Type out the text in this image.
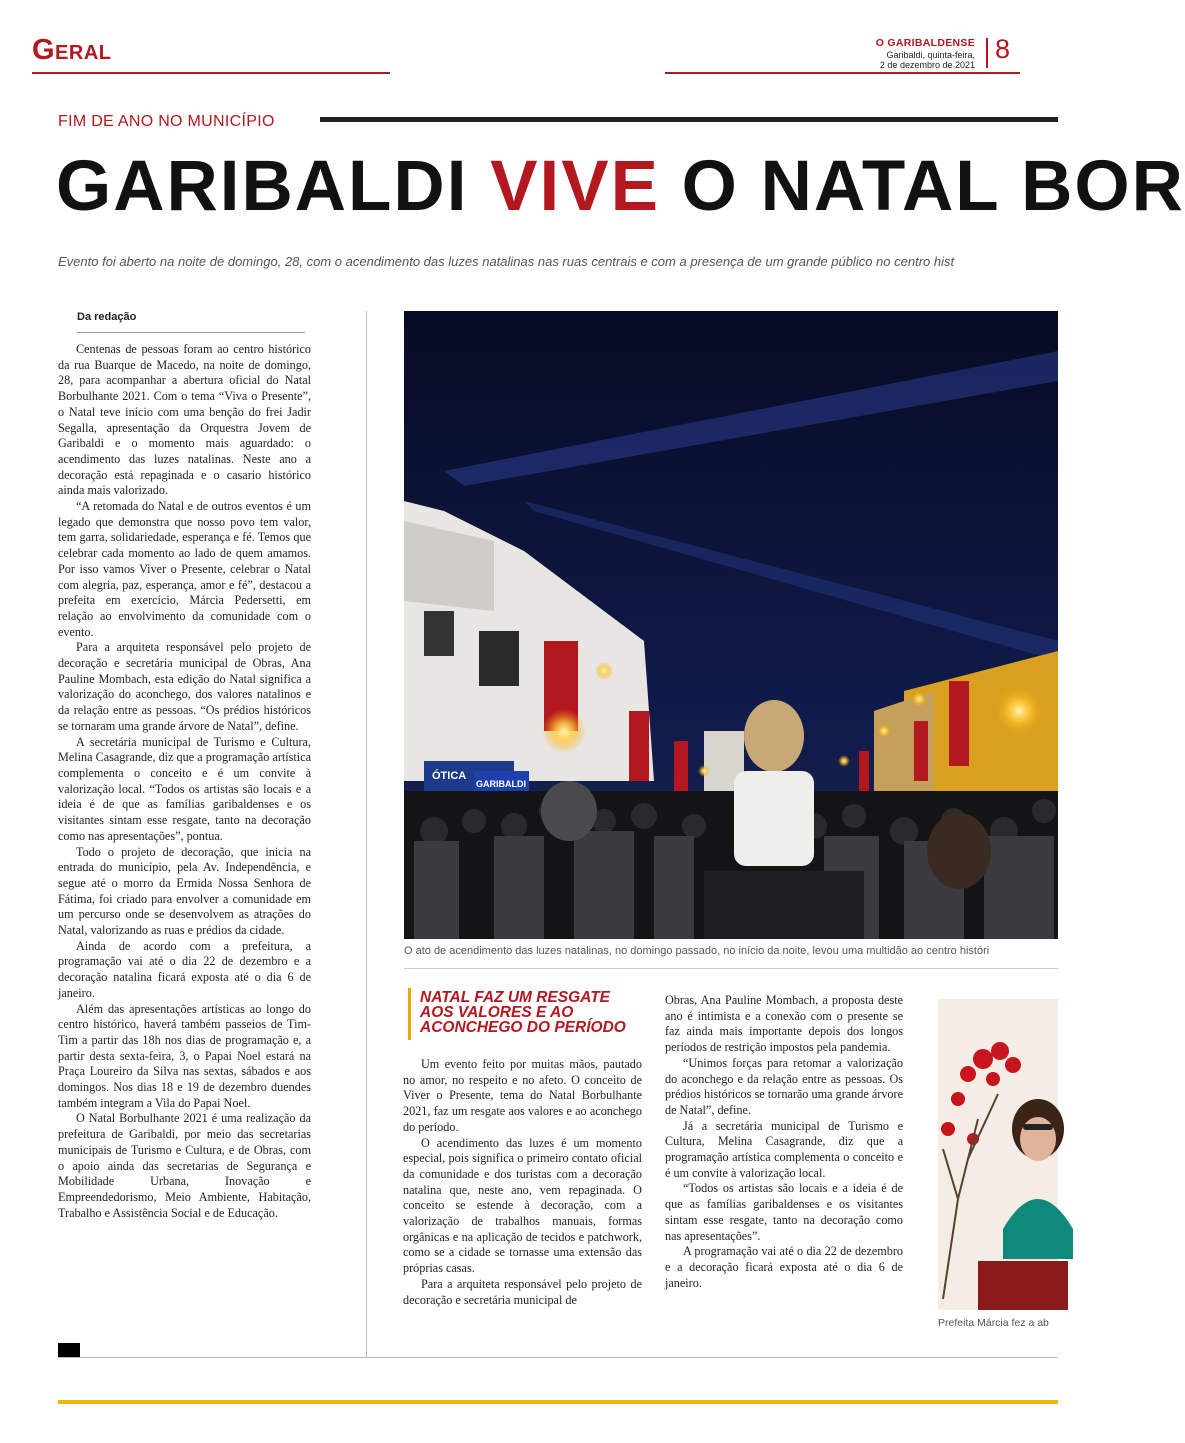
Geral	O GARIBALDENSE
Garibaldi, quinta-feira,
2 de dezembro de 2021
8
FIM DE ANO NO MUNICÍPIO
GARIBALDI VIVE O NATAL BOR
Evento foi aberto na noite de domingo, 28, com o acendimento das luzes natalinas nas ruas centrais e com a presença de um grande público no centro hist
Da redação

Centenas de pessoas foram ao centro histórico da rua Buarque de Macedo, na noite de domingo, 28, para acompanhar a abertura oficial do Natal Borbulhante 2021. Com o tema “Viva o Presente”, o Natal teve início com uma benção do frei Jadir Segalla, apresentação da Orquestra Jovem de Garibaldi e o momento mais aguardado: o acendimento das luzes natalinas. Neste ano a decoração está repaginada e o casario histórico ainda mais valorizado.

“A retomada do Natal e de outros eventos é um legado que demonstra que nosso povo tem valor, tem garra, solidariedade, esperança e fé. Temos que celebrar cada momento ao lado de quem amamos. Por isso vamos Viver o Presente, celebrar o Natal com alegria, paz, esperança, amor e fé”, destacou a prefeita em exercício, Márcia Pedersetti, em relação ao envolvimento da comunidade com o evento.

Para a arquiteta responsável pelo projeto de decoração e secretária municipal de Obras, Ana Pauline Mombach, esta edição do Natal significa a valorização do aconchego, dos valores natalinos e da relação entre as pessoas. “Os prédios históricos se tornaram uma grande árvore de Natal”, define.

A secretária municipal de Turismo e Cultura, Melina Casagrande, diz que a programação artística complementa o conceito e é um convite à valorização local. “Todos os artistas são locais e a ideia é de que as famílias garibaldenses e os visitantes sintam esse resgate, tanto na decoração como nas apresentações”, pontua.

Todo o projeto de decoração, que inicia na entrada do município, pela Av. Independência, e segue até o morro da Ermida Nossa Senhora de Fátima, foi criado para envolver a comunidade em um percurso onde se desenvolvem as atrações do Natal, valorizando as ruas e prédios da cidade.

Ainda de acordo com a prefeitura, a programação vai até o dia 22 de dezembro e a decoração natalina ficará exposta até o dia 6 de janeiro.

Além das apresentações artísticas ao longo do centro histórico, haverá também passeios de Tim-Tim a partir das 18h nos dias de programação e, a partir desta sexta-feira, 3, o Papai Noel estará na Praça Loureiro da Silva nas sextas, sábados e aos domingos. Nos dias 18 e 19 de dezembro duendes também integram a Vila do Papai Noel.

O Natal Borbulhante 2021 é uma realização da prefeitura de Garibaldi, por meio das secretarias municipais de Turismo e Cultura, e de Obras, com o apoio ainda das secretarias de Segurança e Mobilidade Urbana, Inovação e Empreendedorismo, Meio Ambiente, Habitação, Trabalho e Assistência Social e de Educação.

ÓTICA
GARIBALDI
O ato de acendimento das luzes natalinas, no domingo passado, no início da noite, levou uma multidão ao centro históri
NATAL FAZ UM RESGATE AOS VALORES E AO ACONCHEGO DO PERÍODO

Um evento feito por muitas mãos, pautado no amor, no respeito e no afeto. O conceito de Viver o Presente, tema do Natal Borbulhante 2021, faz um resgate aos valores e ao aconchego do período.

O acendimento das luzes é um momento especial, pois significa o primeiro contato oficial da comunidade e dos turistas com a decoração natalina que, neste ano, vem repaginada. O conceito se estende à decoração, com a valorização de trabalhos manuais, formas orgânicas e na aplicação de tecidos e patchwork, como se a cidade se tornasse uma extensão das próprias casas.

Para a arquiteta responsável pelo projeto de decoração e secretária municipal de

Obras, Ana Pauline Mombach, a proposta deste ano é intimista e a conexão com o presente se faz ainda mais importante depois dos longos períodos de restrição impostos pela pandemia.

“Unimos forças para retomar a valorização do aconchego e da relação entre as pessoas. Os prédios históricos se tornarão uma grande árvore de Natal”, define.

Já a secretária municipal de Turismo e Cultura, Melina Casagrande, diz que a programação artística complementa o conceito e é um convite à valorização local.

“Todos os artistas são locais e a ideia é de que as famílias garibaldenses e os visitantes sintam esse resgate, tanto na decoração como nas apresentações”.

A programação vai até o dia 22 de dezembro e a decoração ficará exposta até o dia 6 de janeiro.

Prefeita Márcia fez a ab
